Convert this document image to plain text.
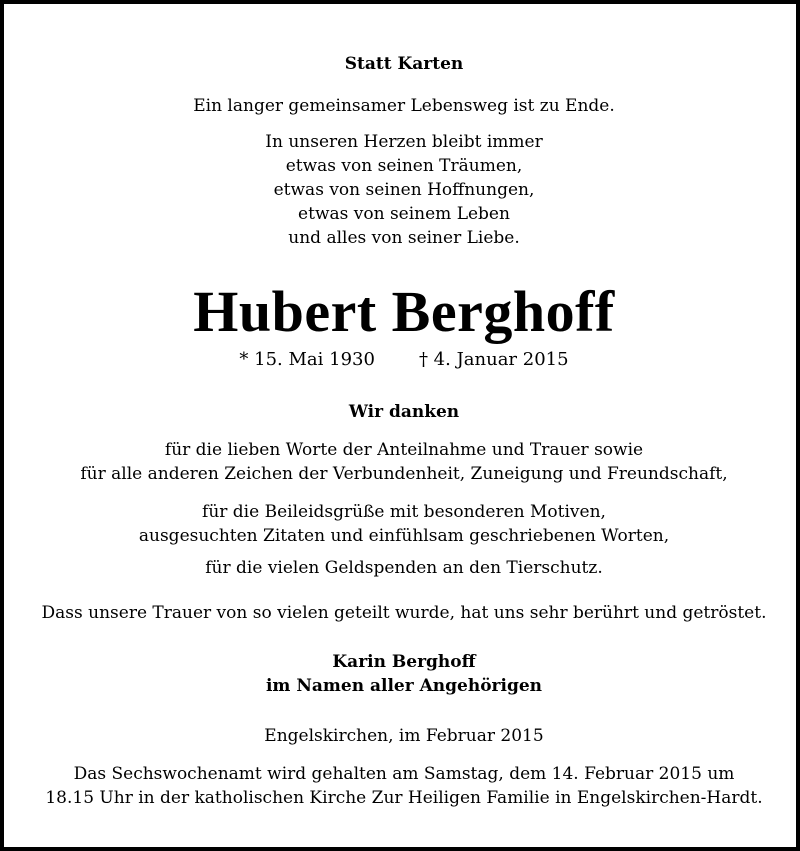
Statt Karten
Ein langer gemeinsamer Lebensweg ist zu Ende.
In unseren Herzen bleibt immer
etwas von seinen Träumen,
etwas von seinen Hoffnungen,
etwas von seinem Leben
und alles von seiner Liebe.
Hubert Berghoff
* 15. Mai 1930 † 4. Januar 2015
Wir danken
für die lieben Worte der Anteilnahme und Trauer sowie
für alle anderen Zeichen der Verbundenheit, Zuneigung und Freundschaft,
für die Beileidsgrüße mit besonderen Motiven,
ausgesuchten Zitaten und einfühlsam geschriebenen Worten,
für die vielen Geldspenden an den Tierschutz.
Dass unsere Trauer von so vielen geteilt wurde, hat uns sehr berührt und getröstet.
Karin Berghoff
im Namen aller Angehörigen
Engelskirchen, im Februar 2015
Das Sechswochenamt wird gehalten am Samstag, dem 14. Februar 2015 um
18.15 Uhr in der katholischen Kirche Zur Heiligen Familie in Engelskirchen-Hardt.
